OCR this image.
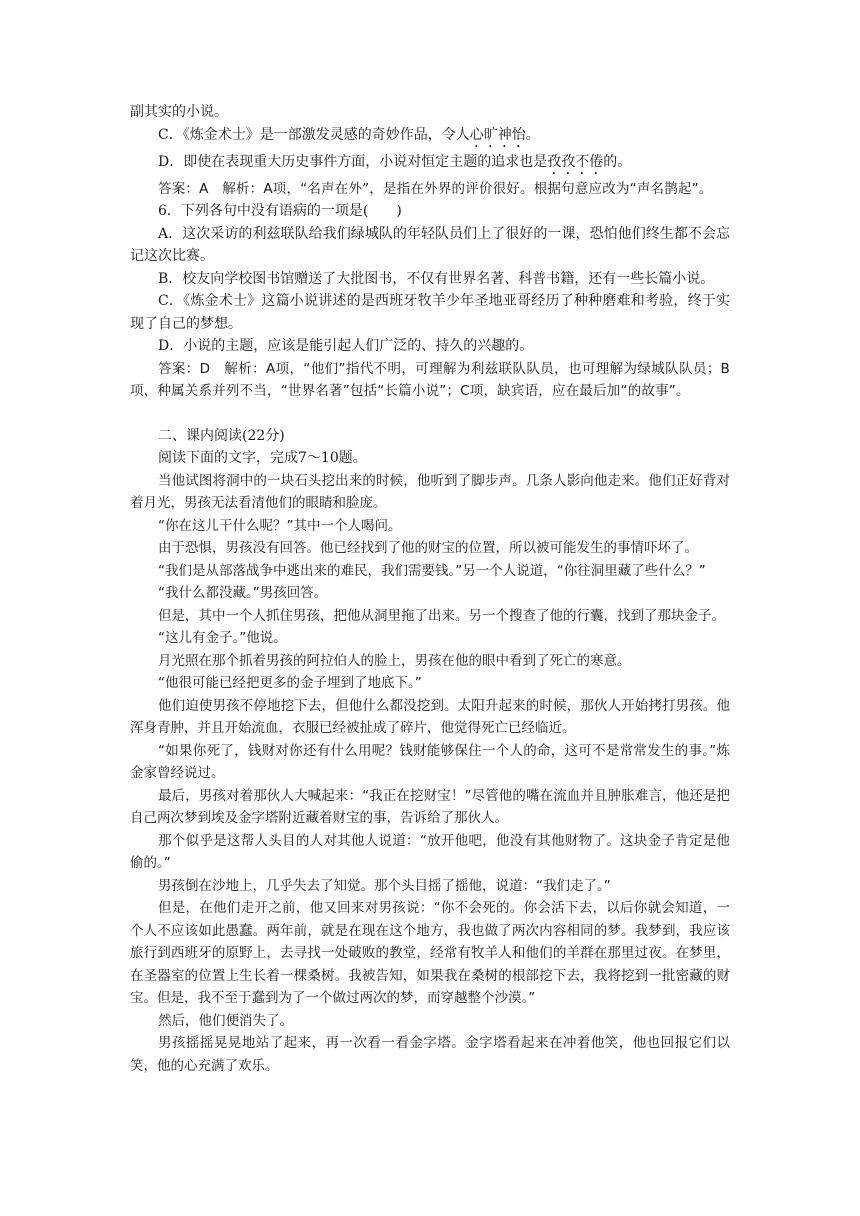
副其实的小说。

C．《炼金术士》是一部激发灵感的奇妙作品，令人心旷神怡。

D．即使在表现重大历史事件方面，小说对恒定主题的追求也是孜孜不倦的。

答案：A　解析：A项，“名声在外”，是指在外界的评价很好。根据句意应改为“声名鹊起”。

6．下列各句中没有语病的一项是(　　)

A．这次采访的利兹联队给我们绿城队的年轻队员们上了很好的一课，恐怕他们终生都不会忘记这次比赛。

B．校友向学校图书馆赠送了大批图书，不仅有世界名著、科普书籍，还有一些长篇小说。

C．《炼金术士》这篇小说讲述的是西班牙牧羊少年圣地亚哥经历了种种磨难和考验，终于实现了自己的梦想。

D．小说的主题，应该是能引起人们广泛的、持久的兴趣的。

答案：D　解析：A项，“他们”指代不明，可理解为利兹联队队员，也可理解为绿城队队员；B项，种属关系并列不当，“世界名著”包括“长篇小说”；C项，缺宾语，应在最后加“的故事”。

二、课内阅读(22分)

阅读下面的文字，完成7～10题。

当他试图将洞中的一块石头挖出来的时候，他听到了脚步声。几条人影向他走来。他们正好背对着月光，男孩无法看清他们的眼睛和脸庞。

“你在这儿干什么呢？”其中一个人喝问。

由于恐惧，男孩没有回答。他已经找到了他的财宝的位置，所以被可能发生的事情吓坏了。

“我们是从部落战争中逃出来的难民，我们需要钱。”另一个人说道，“你往洞里藏了些什么？”

“我什么都没藏。”男孩回答。

但是，其中一个人抓住男孩，把他从洞里拖了出来。另一个搜查了他的行囊，找到了那块金子。

“这儿有金子。”他说。

月光照在那个抓着男孩的阿拉伯人的脸上，男孩在他的眼中看到了死亡的寒意。

“他很可能已经把更多的金子埋到了地底下。”

他们迫使男孩不停地挖下去，但他什么都没挖到。太阳升起来的时候，那伙人开始拷打男孩。他浑身青肿，并且开始流血，衣服已经被扯成了碎片，他觉得死亡已经临近。

“如果你死了，钱财对你还有什么用呢？钱财能够保住一个人的命，这可不是常常发生的事。”炼金家曾经说过。

最后，男孩对着那伙人大喊起来：“我正在挖财宝！”尽管他的嘴在流血并且肿胀难言，他还是把自己两次梦到埃及金字塔附近藏着财宝的事，告诉给了那伙人。

那个似乎是这帮人头目的人对其他人说道：“放开他吧，他没有其他财物了。这块金子肯定是他偷的。”

男孩倒在沙地上，几乎失去了知觉。那个头目摇了摇他，说道：“我们走了。”

但是，在他们走开之前，他又回来对男孩说：“你不会死的。你会活下去，以后你就会知道，一个人不应该如此愚蠢。两年前，就是在现在这个地方，我也做了两次内容相同的梦。我梦到，我应该旅行到西班牙的原野上，去寻找一处破败的教堂，经常有牧羊人和他们的羊群在那里过夜。在梦里，在圣器室的位置上生长着一棵桑树。我被告知，如果我在桑树的根部挖下去，我将挖到一批密藏的财宝。但是，我不至于蠢到为了一个做过两次的梦，而穿越整个沙漠。”

然后，他们便消失了。

男孩摇摇晃晃地站了起来，再一次看一看金字塔。金字塔看起来在冲着他笑，他也回报它们以笑，他的心充满了欢乐。
